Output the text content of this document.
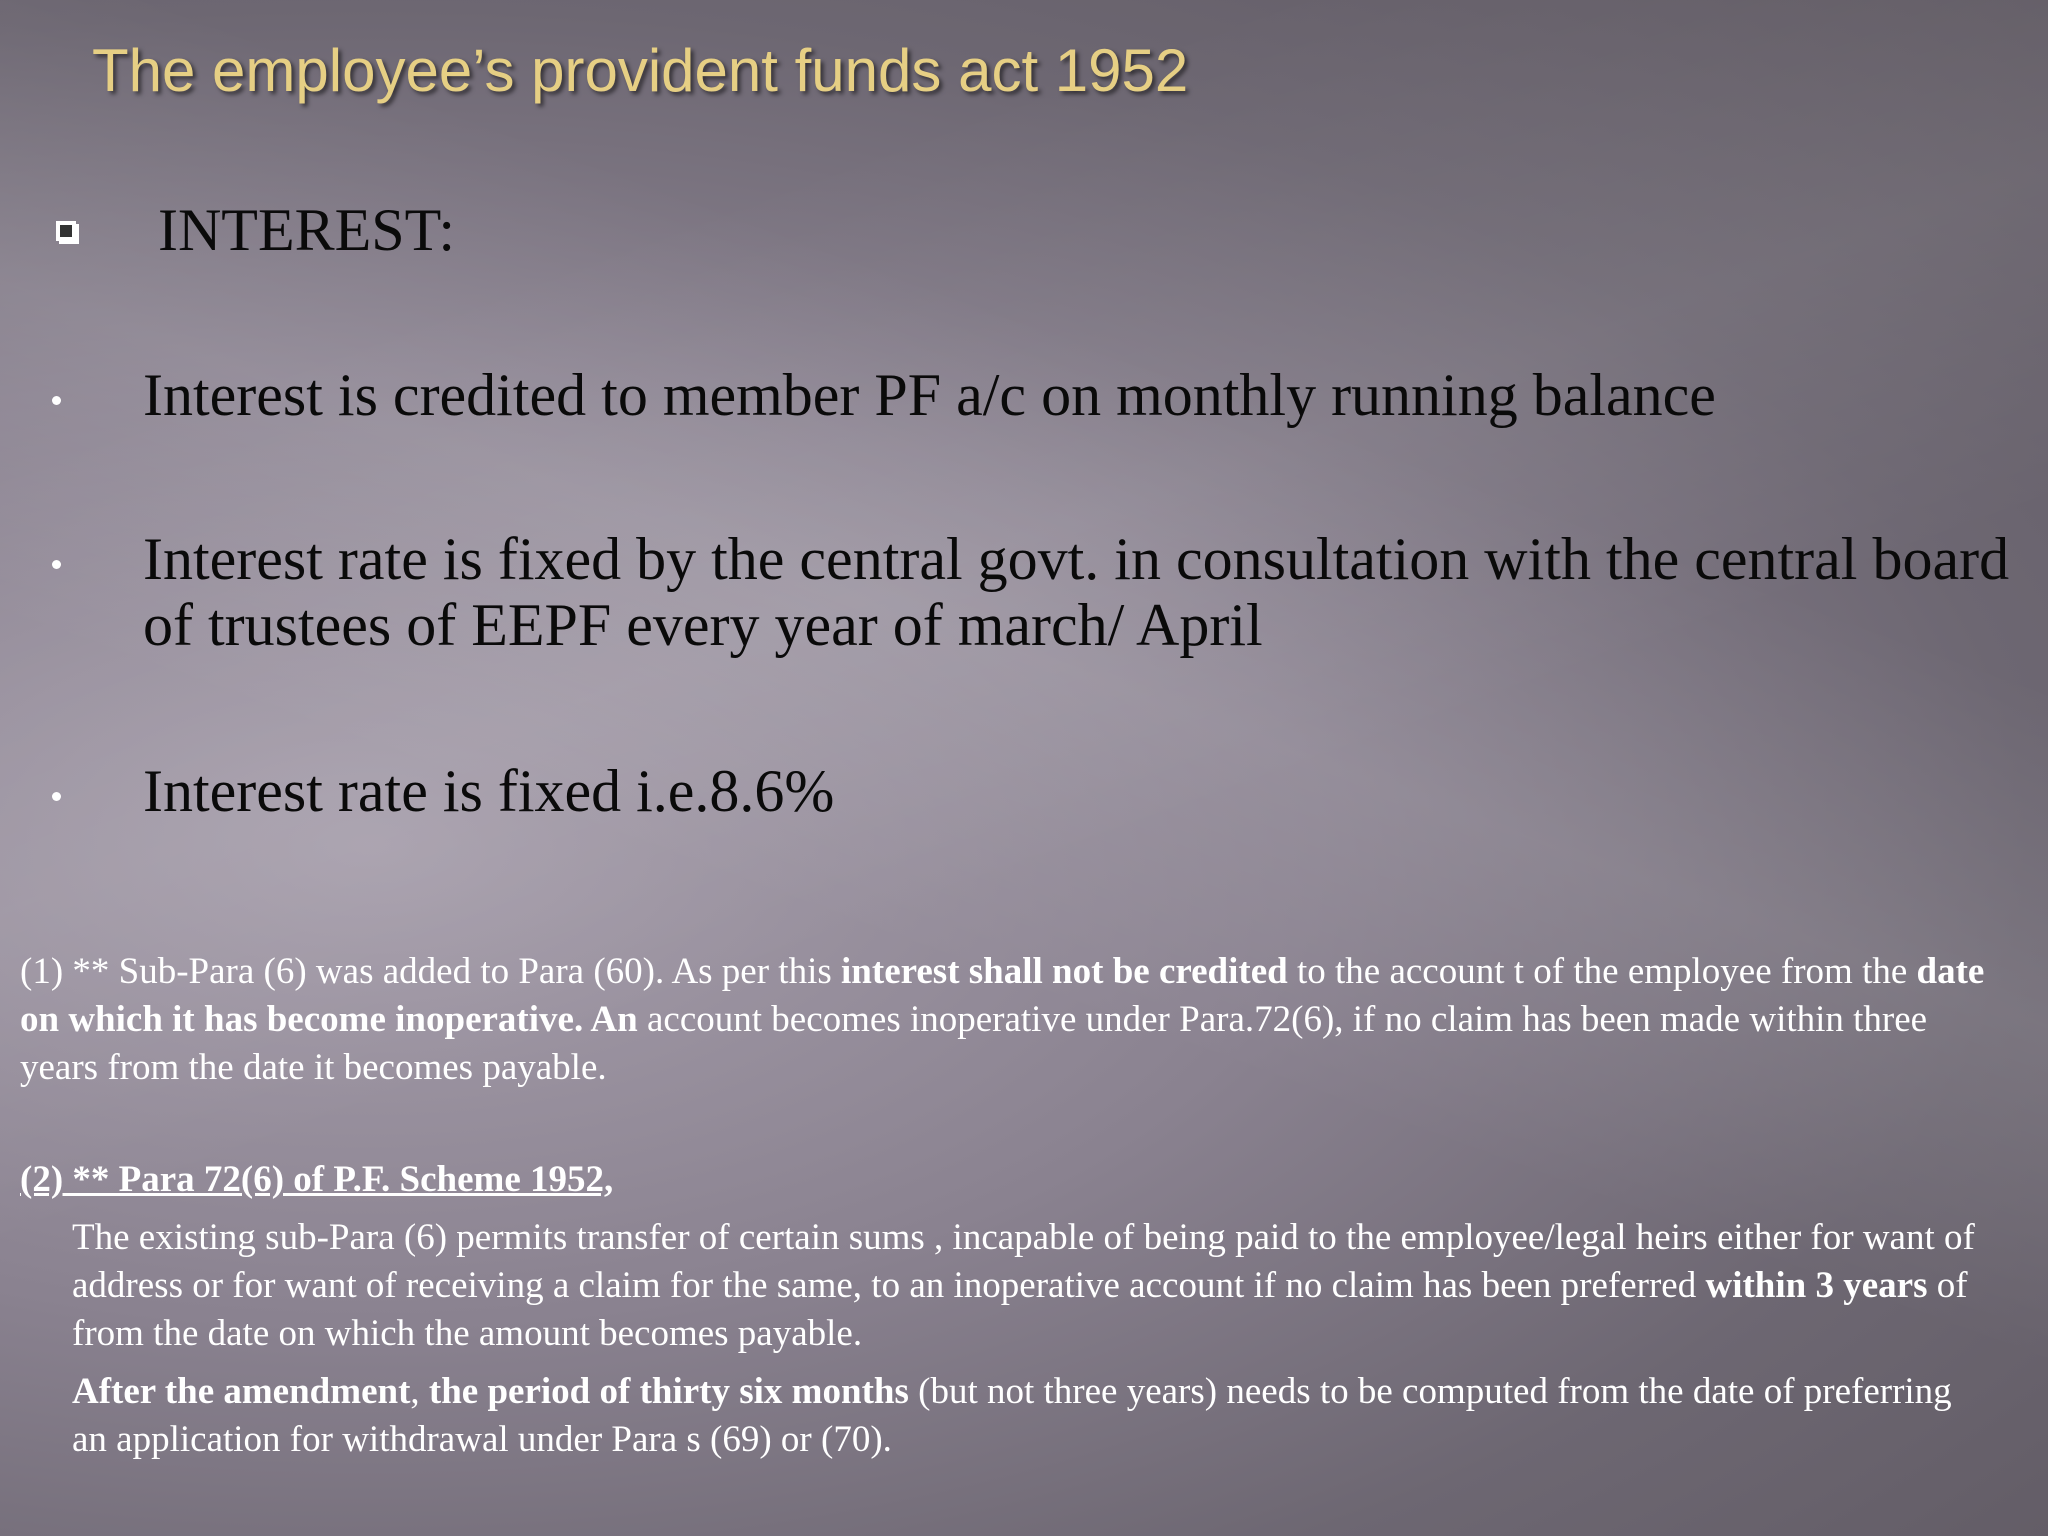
The employee’s provident funds act 1952
INTEREST:
Interest is credited to member PF a/c on monthly running balance
Interest rate is fixed by the central govt. in consultation with the central board of trustees of EEPF every year of march/ April
Interest rate is fixed i.e.8.6%
(1) ** Sub-Para (6) was added to Para (60). As per this interest shall not be credited to the account t of the employee from the date on which it has become inoperative. An account becomes inoperative under Para.72(6), if no claim has been made within three years from the date it becomes payable.
(2) ** Para 72(6) of P.F. Scheme 1952,

The existing sub-Para (6) permits transfer of certain sums , incapable of being paid to the employee/legal heirs either for want of address or for want of receiving a claim for the same, to an inoperative account if no claim has been preferred within 3 years of from the date on which the amount becomes payable.

After the amendment, the period of thirty six months (but not three years) needs to be computed from the date of preferring an application for withdrawal under Para s (69) or (70).
